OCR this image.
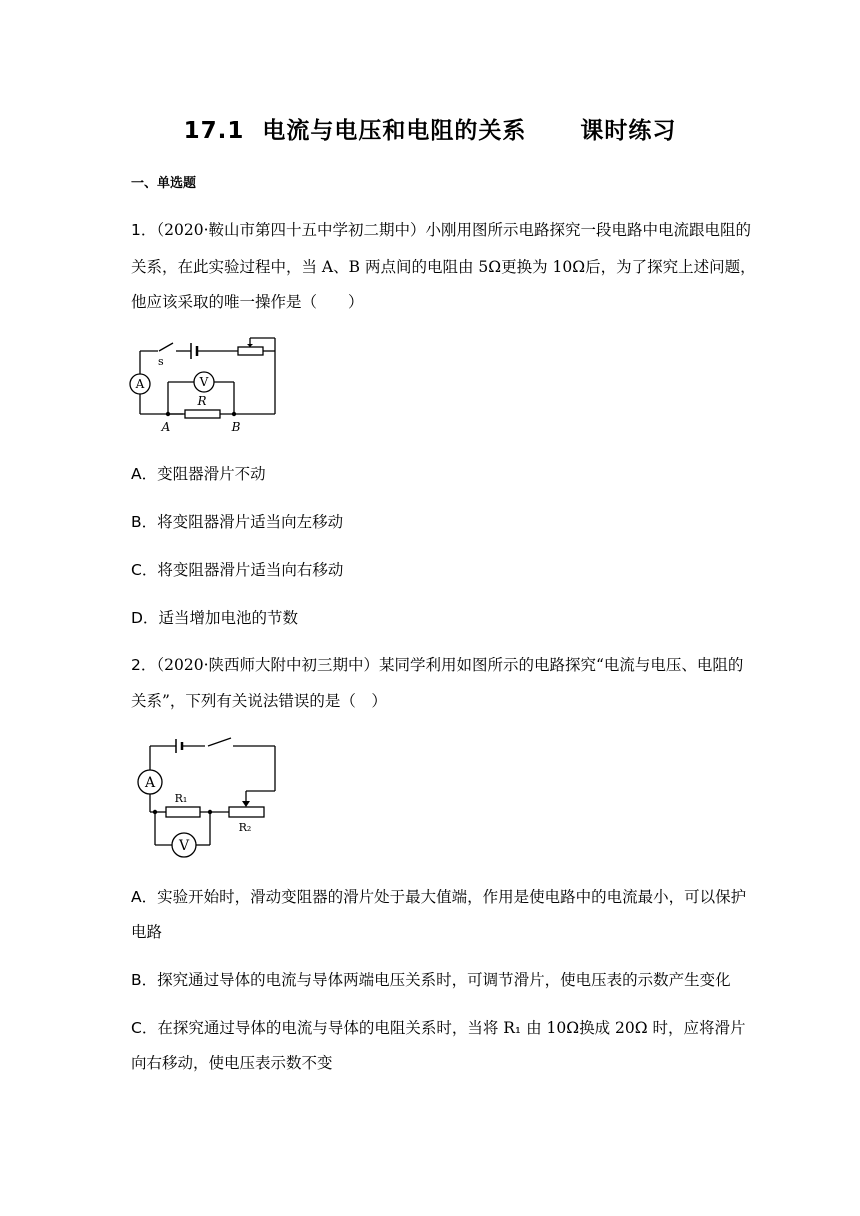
17.1  电流与电压和电阻的关系      课时练习
一、单选题
1．（2020·鞍山市第四十五中学初二期中）小刚用图所示电路探究一段电路中电流跟电阻的
关系，在此实验过程中，当 A、B 两点间的电阻由 5Ω更换为 10Ω后，为了探究上述问题，
他应该采取的唯一操作是（　　）
s
A	V
R
A	B
A．变阻器滑片不动
B．将变阻器滑片适当向左移动
C．将变阻器滑片适当向右移动
D．适当增加电池的节数
2．（2020·陕西师大附中初三期中）某同学利用如图所示的电路探究“电流与电压、电阻的
关系”，下列有关说法错误的是（　）
A
V
R₁
R₂
A．实验开始时，滑动变阻器的滑片处于最大值端，作用是使电路中的电流最小，可以保护
电路
B．探究通过导体的电流与导体两端电压关系时，可调节滑片，使电压表的示数产生变化
C．在探究通过导体的电流与导体的电阻关系时，当将 R₁ 由 10Ω换成 20Ω 时，应将滑片
向右移动，使电压表示数不变
